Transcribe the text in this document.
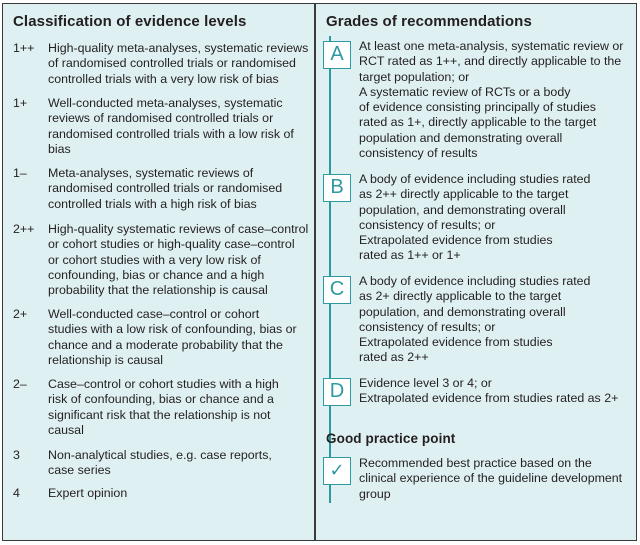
Classification of evidence levels
1++	High-quality meta-analyses, systematic reviews
of randomised controlled trials or randomised
controlled trials with a very low risk of bias
1+	Well-conducted meta-analyses, systematic
reviews of randomised controlled trials or
randomised controlled trials with a low risk of
bias
1–	Meta-analyses, systematic reviews of
randomised controlled trials or randomised
controlled trials with a high risk of bias
2++	High-quality systematic reviews of case–control
or cohort studies or high-quality case–control
or cohort studies with a very low risk of
confounding, bias or chance and a high
probability that the relationship is causal
2+	Well-conducted case–control or cohort
studies with a low risk of confounding, bias or
chance and a moderate probability that the
relationship is causal
2–	Case–control or cohort studies with a high
risk of confounding, bias or chance and a
significant risk that the relationship is not
causal
3	Non-analytical studies, e.g. case reports,
case series
4	Expert opinion
Grades of recommendations
A	At least one meta-analysis, systematic review or
RCT rated as 1++, and directly applicable to the
target population; or
A systematic review of RCTs or a body
of evidence consisting principally of studies
rated as 1+, directly applicable to the target
population and demonstrating overall
consistency of results
B	A body of evidence including studies rated
as 2++ directly applicable to the target
population, and demonstrating overall
consistency of results; or
Extrapolated evidence from studies
rated as 1++ or 1+
C	A body of evidence including studies rated
as 2+ directly applicable to the target
population, and demonstrating overall
consistency of results; or
Extrapolated evidence from studies
rated as 2++
D	Evidence level 3 or 4; or
Extrapolated evidence from studies rated as 2+
Good practice point
✓	Recommended best practice based on the
clinical experience of the guideline development
group
